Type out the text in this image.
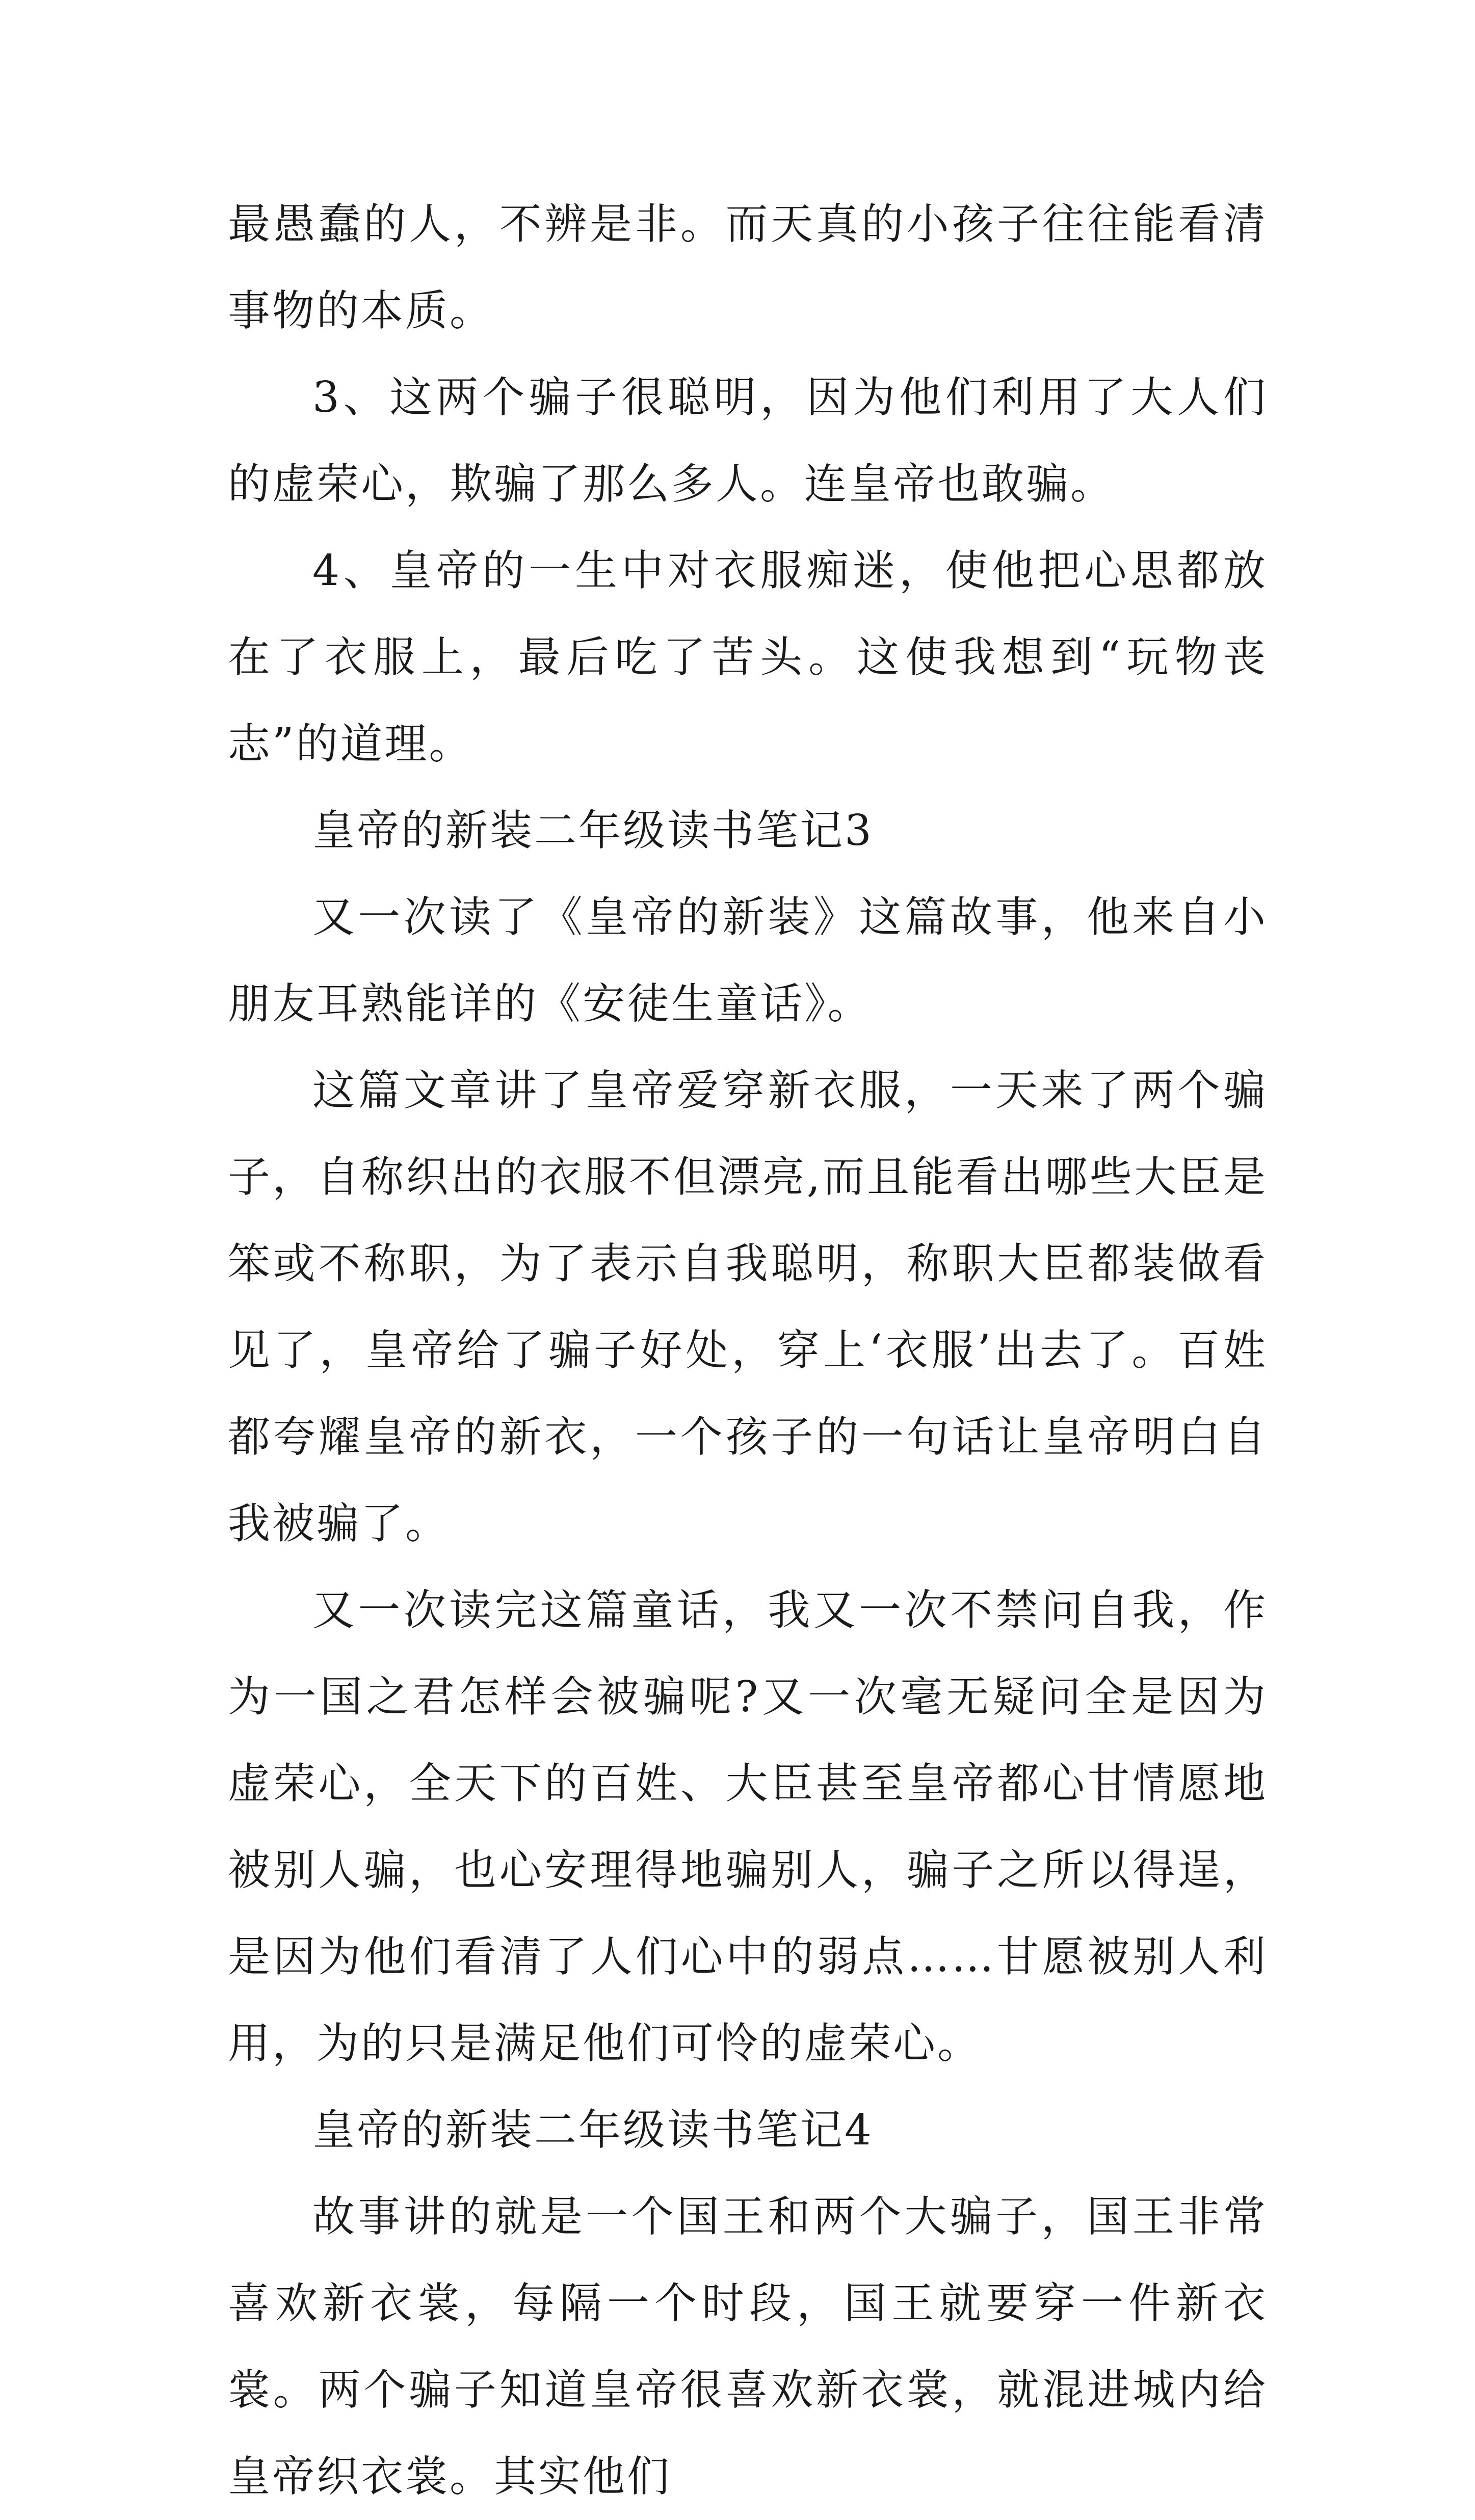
最愚蠢的人，不辨是非。而天真的小孩子往往能看清事物的本质。

3、这两个骗子很聪明，因为他们利用了大人们的虚荣心，欺骗了那么多人。连皇帝也敢骗。

4、皇帝的一生中对衣服痴迷，使他把心思都放在了衣服上，最后吃了苦头。这使我想到“玩物丧志”的道理。

皇帝的新装二年级读书笔记3

又一次读了《皇帝的新装》这篇故事，他来自小朋友耳熟能详的《安徒生童话》。

这篇文章讲了皇帝爱穿新衣服，一天来了两个骗子，自称织出的衣服不但漂亮,而且能看出哪些大臣是笨或不称职，为了表示自我聪明，称职大臣都装做看见了，皇帝给了骗子好处，穿上‘衣服’出去了。百姓都夸耀皇帝的新衣，一个孩子的一句话让皇帝明白自我被骗了。

又一次读完这篇童话，我又一次不禁问自我，作为一国之君怎样会被骗呢?又一次毫无疑问全是因为虚荣心，全天下的百姓、大臣甚至皇帝都心甘情愿地被别人骗，也心安理得地骗别人，骗子之所以得逞，是因为他们看清了人们心中的弱点……甘愿被别人利用，为的只是满足他们可怜的虚荣心。

皇帝的新装二年级读书笔记4

故事讲的就是一个国王和两个大骗子，国王非常喜欢新衣裳，每隔一个时段，国王就要穿一件新衣裳。两个骗子知道皇帝很喜欢新衣裳，就混进城内给皇帝织衣裳。其实他们
